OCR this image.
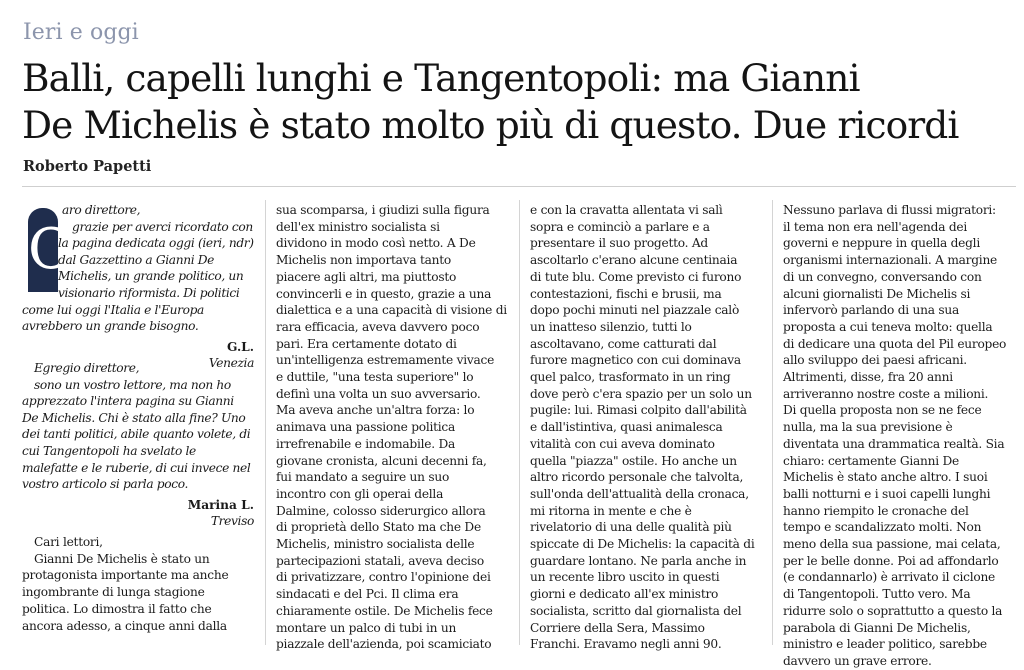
Ieri e oggi
Balli, capelli lunghi e Tangentopoli: ma Gianni
De Michelis è stato molto più di questo. Due ricordi
Roberto Papetti
C

aro direttore,

grazie per averci ricordato con

la pagina dedicata oggi (ieri, ndr)

dal Gazzettino a Gianni De

Michelis, un grande politico, un

visionario riformista. Di politici

come lui oggi l'Italia e l'Europa

avrebbero un grande bisogno.

G.L.

Venezia

Egregio direttore,

sono un vostro lettore, ma non ho

apprezzato l'intera pagina su Gianni

De Michelis. Chi è stato alla fine? Uno

dei tanti politici, abile quanto volete, di

cui Tangentopoli ha svelato le

malefatte e le ruberie, di cui invece nel

vostro articolo si parla poco.

Marina L.

Treviso

Cari lettori,

Gianni De Michelis è stato un

protagonista importante ma anche

ingombrante di lunga stagione

politica. Lo dimostra il fatto che

ancora adesso, a cinque anni dalla

sua scomparsa, i giudizi sulla figura

dell'ex ministro socialista si

dividono in modo così netto. A De

Michelis non importava tanto

piacere agli altri, ma piuttosto

convincerli e in questo, grazie a una

dialettica e a una capacità di visione di

rara efficacia, aveva davvero poco

pari. Era certamente dotato di

un'intelligenza estremamente vivace

e duttile, "una testa superiore" lo

definì una volta un suo avversario.

Ma aveva anche un'altra forza: lo

animava una passione politica

irrefrenabile e indomabile. Da

giovane cronista, alcuni decenni fa,

fui mandato a seguire un suo

incontro con gli operai della

Dalmine, colosso siderurgico allora

di proprietà dello Stato ma che De

Michelis, ministro socialista delle

partecipazioni statali, aveva deciso

di privatizzare, contro l'opinione dei

sindacati e del Pci. Il clima era

chiaramente ostile. De Michelis fece

montare un palco di tubi in un

piazzale dell'azienda, poi scamiciato

e con la cravatta allentata vi salì

sopra e cominciò a parlare e a

presentare il suo progetto. Ad

ascoltarlo c'erano alcune centinaia

di tute blu. Come previsto ci furono

contestazioni, fischi e brusii, ma

dopo pochi minuti nel piazzale calò

un inatteso silenzio, tutti lo

ascoltavano, come catturati dal

furore magnetico con cui dominava

quel palco, trasformato in un ring

dove però c'era spazio per un solo un

pugile: lui. Rimasi colpito dall'abilità

e dall'istintiva, quasi animalesca

vitalità con cui aveva dominato

quella "piazza" ostile. Ho anche un

altro ricordo personale che talvolta,

sull'onda dell'attualità della cronaca,

mi ritorna in mente e che è

rivelatorio di una delle qualità più

spiccate di De Michelis: la capacità di

guardare lontano. Ne parla anche in

un recente libro uscito in questi

giorni e dedicato all'ex ministro

socialista, scritto dal giornalista del

Corriere della Sera, Massimo

Franchi. Eravamo negli anni 90.

Nessuno parlava di flussi migratori:

il tema non era nell'agenda dei

governi e neppure in quella degli

organismi internazionali. A margine

di un convegno, conversando con

alcuni giornalisti De Michelis si

infervorò parlando di una sua

proposta a cui teneva molto: quella

di dedicare una quota del Pil europeo

allo sviluppo dei paesi africani.

Altrimenti, disse, fra 20 anni

arriveranno nostre coste a milioni.

Di quella proposta non se ne fece

nulla, ma la sua previsione è

diventata una drammatica realtà. Sia

chiaro: certamente Gianni De

Michelis è stato anche altro. I suoi

balli notturni e i suoi capelli lunghi

hanno riempito le cronache del

tempo e scandalizzato molti. Non

meno della sua passione, mai celata,

per le belle donne. Poi ad affondarlo

(e condannarlo) è arrivato il ciclone

di Tangentopoli. Tutto vero. Ma

ridurre solo o soprattutto a questo la

parabola di Gianni De Michelis,

ministro e leader politico, sarebbe

davvero un grave errore.
